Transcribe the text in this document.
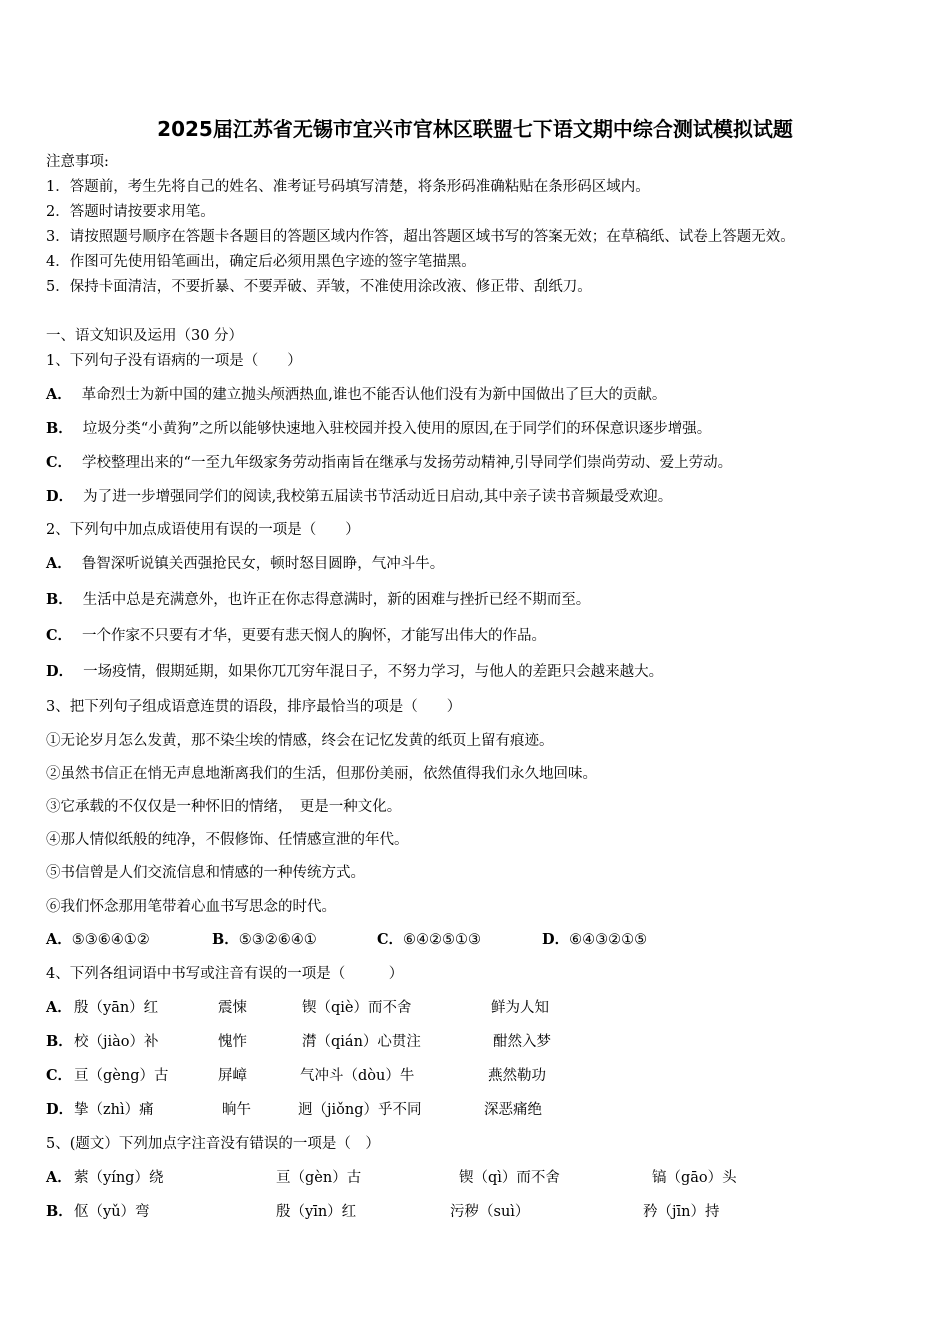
2025届江苏省无锡市宜兴市官林区联盟七下语文期中综合测试模拟试题
注意事项:
1．答题前，考生先将自己的姓名、准考证号码填写清楚，将条形码准确粘贴在条形码区域内。
2．答题时请按要求用笔。
3．请按照题号顺序在答题卡各题目的答题区域内作答，超出答题区域书写的答案无效；在草稿纸、试卷上答题无效。
4．作图可先使用铅笔画出，确定后必须用黑色字迹的签字笔描黑。
5．保持卡面清洁，不要折暴、不要弄破、弄皱，不准使用涂改液、修正带、刮纸刀。
一、语文知识及运用（30 分）
1、下列句子没有语病的一项是（　　）
A． 革命烈士为新中国的建立抛头颅洒热血,谁也不能否认他们没有为新中国做出了巨大的贡献。
B． 垃圾分类“小黄狗”之所以能够快速地入驻校园并投入使用的原因,在于同学们的环保意识逐步增强。
C． 学校整理出来的“一至九年级家务劳动指南旨在继承与发扬劳动精神,引导同学们崇尚劳动、爱上劳动。
D． 为了进一步增强同学们的阅读,我校第五届读书节活动近日启动,其中亲子读书音频最受欢迎。
2、下列句中加点成语使用有误的一项是（　　）
A． 鲁智深听说镇关西强抢民女，顿时怒目圆睁，气冲斗牛。
B． 生活中总是充满意外，也许正在你志得意满时，新的困难与挫折已经不期而至。
C． 一个作家不只要有才华，更要有悲天悯人的胸怀，才能写出伟大的作品。
D． 一场疫情，假期延期，如果你兀兀穷年混日子，不努力学习，与他人的差距只会越来越大。
3、把下列句子组成语意连贯的语段，排序最恰当的项是（　　）
①无论岁月怎么发黄，那不染尘埃的情感，终会在记忆发黄的纸页上留有痕迹。
②虽然书信正在悄无声息地渐离我们的生活，但那份美丽，依然值得我们永久地回味。
③它承载的不仅仅是一种怀旧的情绪，　更是一种文化。
④那人情似纸般的纯净，不假修饰、任情感宣泄的年代。
⑤书信曾是人们交流信息和情感的一种传统方式。
⑥我们怀念那用笔带着心血书写思念的时代。
A．⑤③⑥④①②	B．⑤③②⑥④①	C．⑥④②⑤①③	D．⑥④③②①⑤
4、下列各组词语中书写或注音有误的一项是（　　　）
A． 殷（yān）红	震悚	锲（qiè）而不舍	鲜为人知
B． 校（jiào）补	愧怍	潸（qián）心贯注	酣然入梦
C． 亘（gèng）古	屏嶂	气冲斗（dòu）牛	燕然勒功
D． 挚（zhì）痛	晌午	迥（jiǒng）乎不同	深恶痛绝
5、(题文）下列加点字注音没有错误的一项是（　）
A． 萦（yíng）绕	亘（gèn）古	锲（qì）而不舍	镐（gāo）头
B． 伛（yǔ）弯	殷（yīn）红	污秽（suì）	矜（jīn）持
